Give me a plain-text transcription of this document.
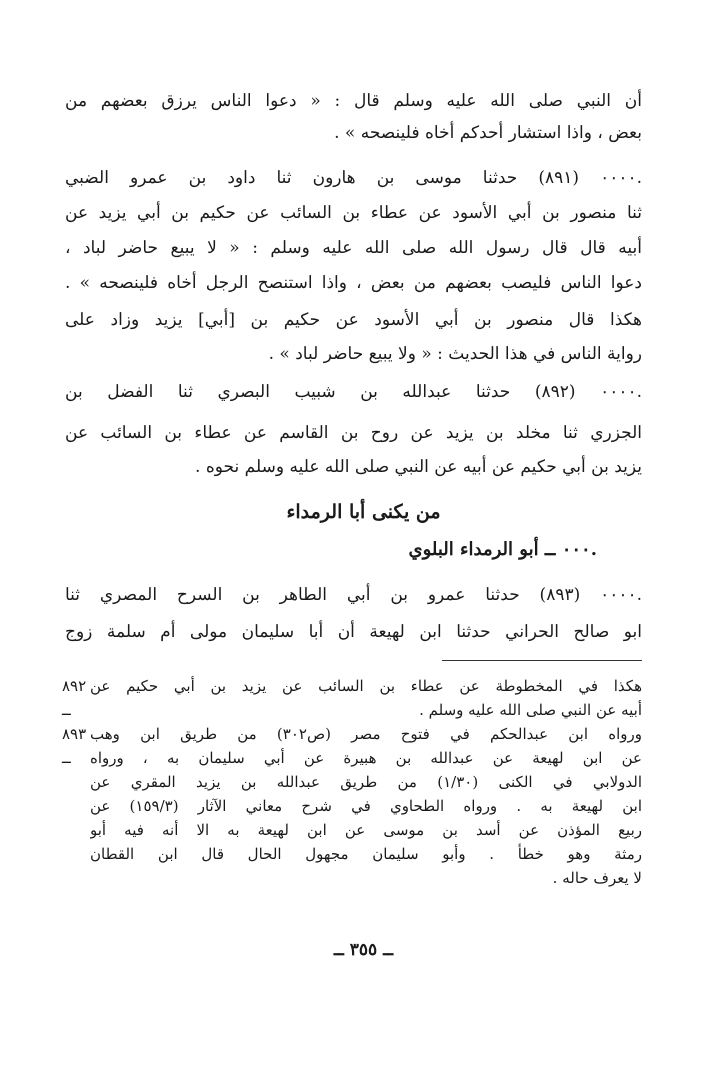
أن النبي صلى الله عليه وسلم قال : « دعوا الناس يرزق بعضهم من
بعض ، واذا استشار أحدكم أخاه فلينصحه » .
.٠٠٠٠ (٨٩١) حدثنا موسى بن هارون ثنا داود بن عمرو الضبي
ثنا منصور بن أبي الأسود عن عطاء بن السائب عن حكيم بن أبي يزيد عن
أبيه قال قال رسول الله صلى الله عليه وسلم : « لا يبيع حاضر لباد ،
دعوا الناس فليصب بعضهم من بعض ، واذا استنصح الرجل أخاه فلينصحه » .
هكذا قال منصور بن أبي الأسود عن حكيم بن [أبي] يزيد وزاد على
رواية الناس في هذا الحديث : « ولا يبيع حاضر لباد » .
.٠٠٠٠ (٨٩٢) حدثنا عبدالله بن شبيب البصري ثنا الفضل بن
الجزري ثنا مخلد بن يزيد عن روح بن القاسم عن عطاء بن السائب عن
يزيد بن أبي حكيم عن أبيه عن النبي صلى الله عليه وسلم نحوه .
من يكنى أبا الرمداء
.٠٠٠ ــ أبو الرمداء البلوي
.٠٠٠٠ (٨٩٣) حدثنا عمرو بن أبي الطاهر بن السرح المصري ثنا
ابو صالح الحراني حدثنا ابن لهيعة أن أبا سليمان مولى أم سلمة زوج
٨٩٢ ــ
هكذا في المخطوطة عن عطاء بن السائب عن يزيد بن أبي حكيم عن
أبيه عن النبي صلى الله عليه وسلم .
٨٩٣ ــ
ورواه ابن عبدالحكم في فتوح مصر (ص٣٠٢) من طريق ابن وهب
عن ابن لهيعة عن عبدالله بن هبيرة عن أبي سليمان به ، ورواه
الدولابي في الكنى (١/٣٠) من طريق عبدالله بن يزيد المقري عن
ابن لهيعة به . ورواه الطحاوي في شرح معاني الآثار (١٥٩/٣) عن
ربيع المؤذن عن أسد بن موسى عن ابن لهيعة به الا أنه فيه أبو
رمثة وهو خطأ . وأبو سليمان مجهول الحال قال ابن القطان
لا يعرف حاله .
ــ ٣٥٥ ــ
